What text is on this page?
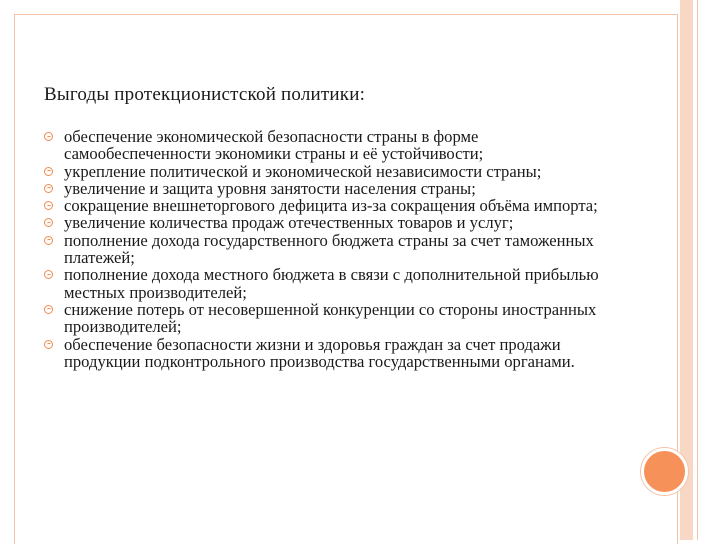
Выгоды протекционистской политики:
обеспечение экономической безопасности страны в форме самообеспеченности экономики страны и её устойчивости;
укрепление политической и экономической независимости страны;
увеличение и защита уровня занятости населения страны;
сокращение внешнеторгового дефицита из-за сокращения объёма импорта;
увеличение количества продаж отечественных товаров и услуг;
пополнение дохода государственного бюджета страны за счет таможенных платежей;
пополнение дохода местного бюджета в связи с дополнительной прибылью местных производителей;
снижение потерь от несовершенной конкуренции со стороны иностранных производителей;
обеспечение безопасности жизни и здоровья граждан за счет продажи продукции подконтрольного производства государственными органами.
